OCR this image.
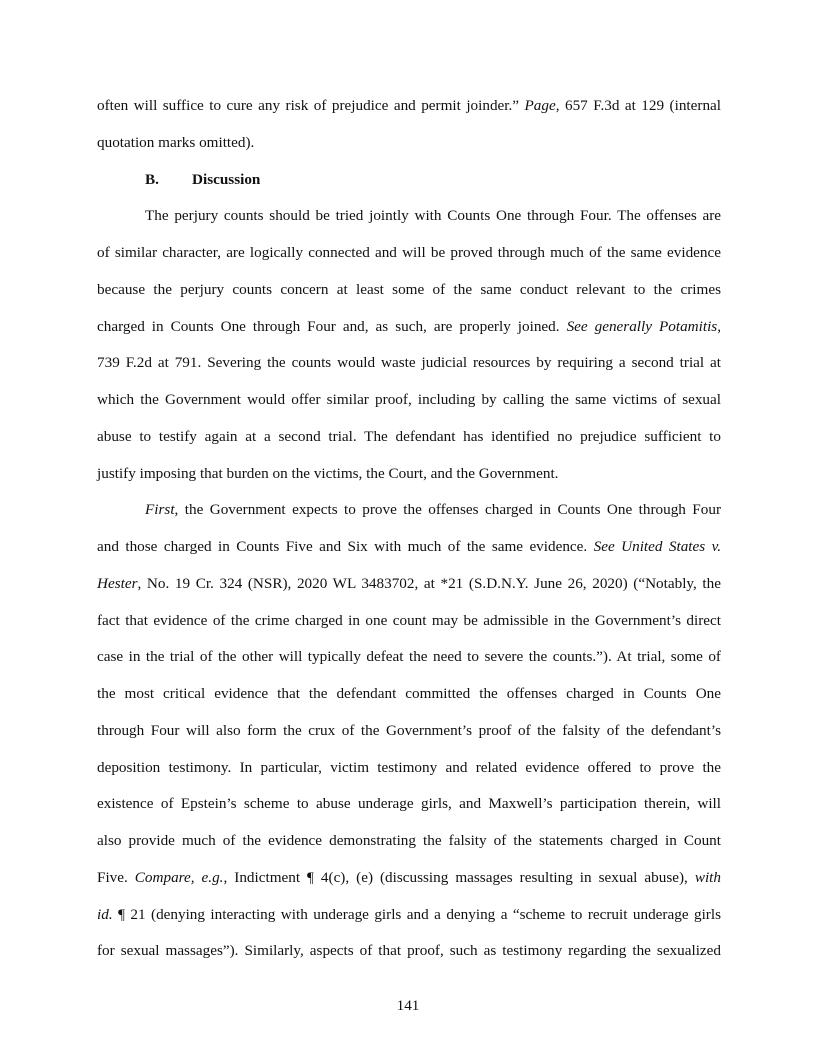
often will suffice to cure any risk of prejudice and permit joinder.” Page, 657 F.3d at 129 (internal
quotation marks omitted).
B. Discussion
The perjury counts should be tried jointly with Counts One through Four. The offenses are
of similar character, are logically connected and will be proved through much of the same evidence
because the perjury counts concern at least some of the same conduct relevant to the crimes
charged in Counts One through Four and, as such, are properly joined. See generally Potamitis,
739 F.2d at 791. Severing the counts would waste judicial resources by requiring a second trial at
which the Government would offer similar proof, including by calling the same victims of sexual
abuse to testify again at a second trial. The defendant has identified no prejudice sufficient to
justify imposing that burden on the victims, the Court, and the Government.
First, the Government expects to prove the offenses charged in Counts One through Four
and those charged in Counts Five and Six with much of the same evidence. See United States v.
Hester, No. 19 Cr. 324 (NSR), 2020 WL 3483702, at *21 (S.D.N.Y. June 26, 2020) (“Notably, the
fact that evidence of the crime charged in one count may be admissible in the Government’s direct
case in the trial of the other will typically defeat the need to severe the counts.”). At trial, some of
the most critical evidence that the defendant committed the offenses charged in Counts One
through Four will also form the crux of the Government’s proof of the falsity of the defendant’s
deposition testimony. In particular, victim testimony and related evidence offered to prove the
existence of Epstein’s scheme to abuse underage girls, and Maxwell’s participation therein, will
also provide much of the evidence demonstrating the falsity of the statements charged in Count
Five. Compare, e.g., Indictment ¶ 4(c), (e) (discussing massages resulting in sexual abuse), with
id. ¶ 21 (denying interacting with underage girls and a denying a “scheme to recruit underage girls
for sexual massages”). Similarly, aspects of that proof, such as testimony regarding the sexualized
141
